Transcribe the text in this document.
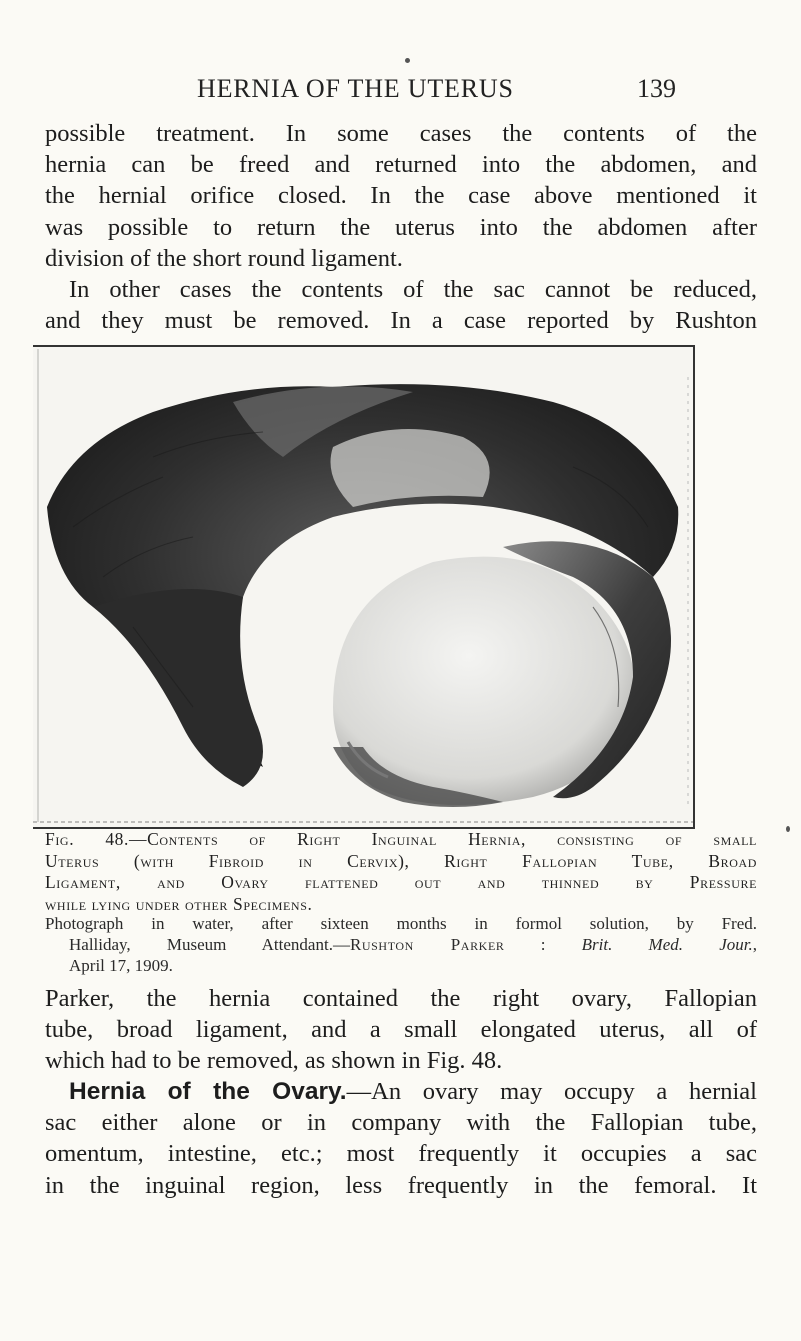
HERNIA OF THE UTERUS	139

possible treatment. In some cases the contents of the
hernia can be freed and returned into the abdomen, and
the hernial orifice closed. In the case above mentioned it
was possible to return the uterus into the abdomen after
division of the short round ligament.

In other cases the contents of the sac cannot be reduced,
and they must be removed. In a case reported by Rushton

Fig. 48.—Contents of Right Inguinal Hernia, consisting of small
Uterus (with Fibroid in Cervix), Right Fallopian Tube, Broad
Ligament, and Ovary flattened out and thinned by Pressure
while lying under other Specimens.

Photograph in water, after sixteen months in formol solution, by Fred.
Halliday, Museum Attendant.—Rushton Parker : Brit. Med. Jour.,
April 17, 1909.

Parker, the hernia contained the right ovary, Fallopian
tube, broad ligament, and a small elongated uterus, all of
which had to be removed, as shown in Fig. 48.

Hernia of the Ovary.—An ovary may occupy a hernial
sac either alone or in company with the Fallopian tube,
omentum, intestine, etc.; most frequently it occupies a sac
in the inguinal region, less frequently in the femoral. It
